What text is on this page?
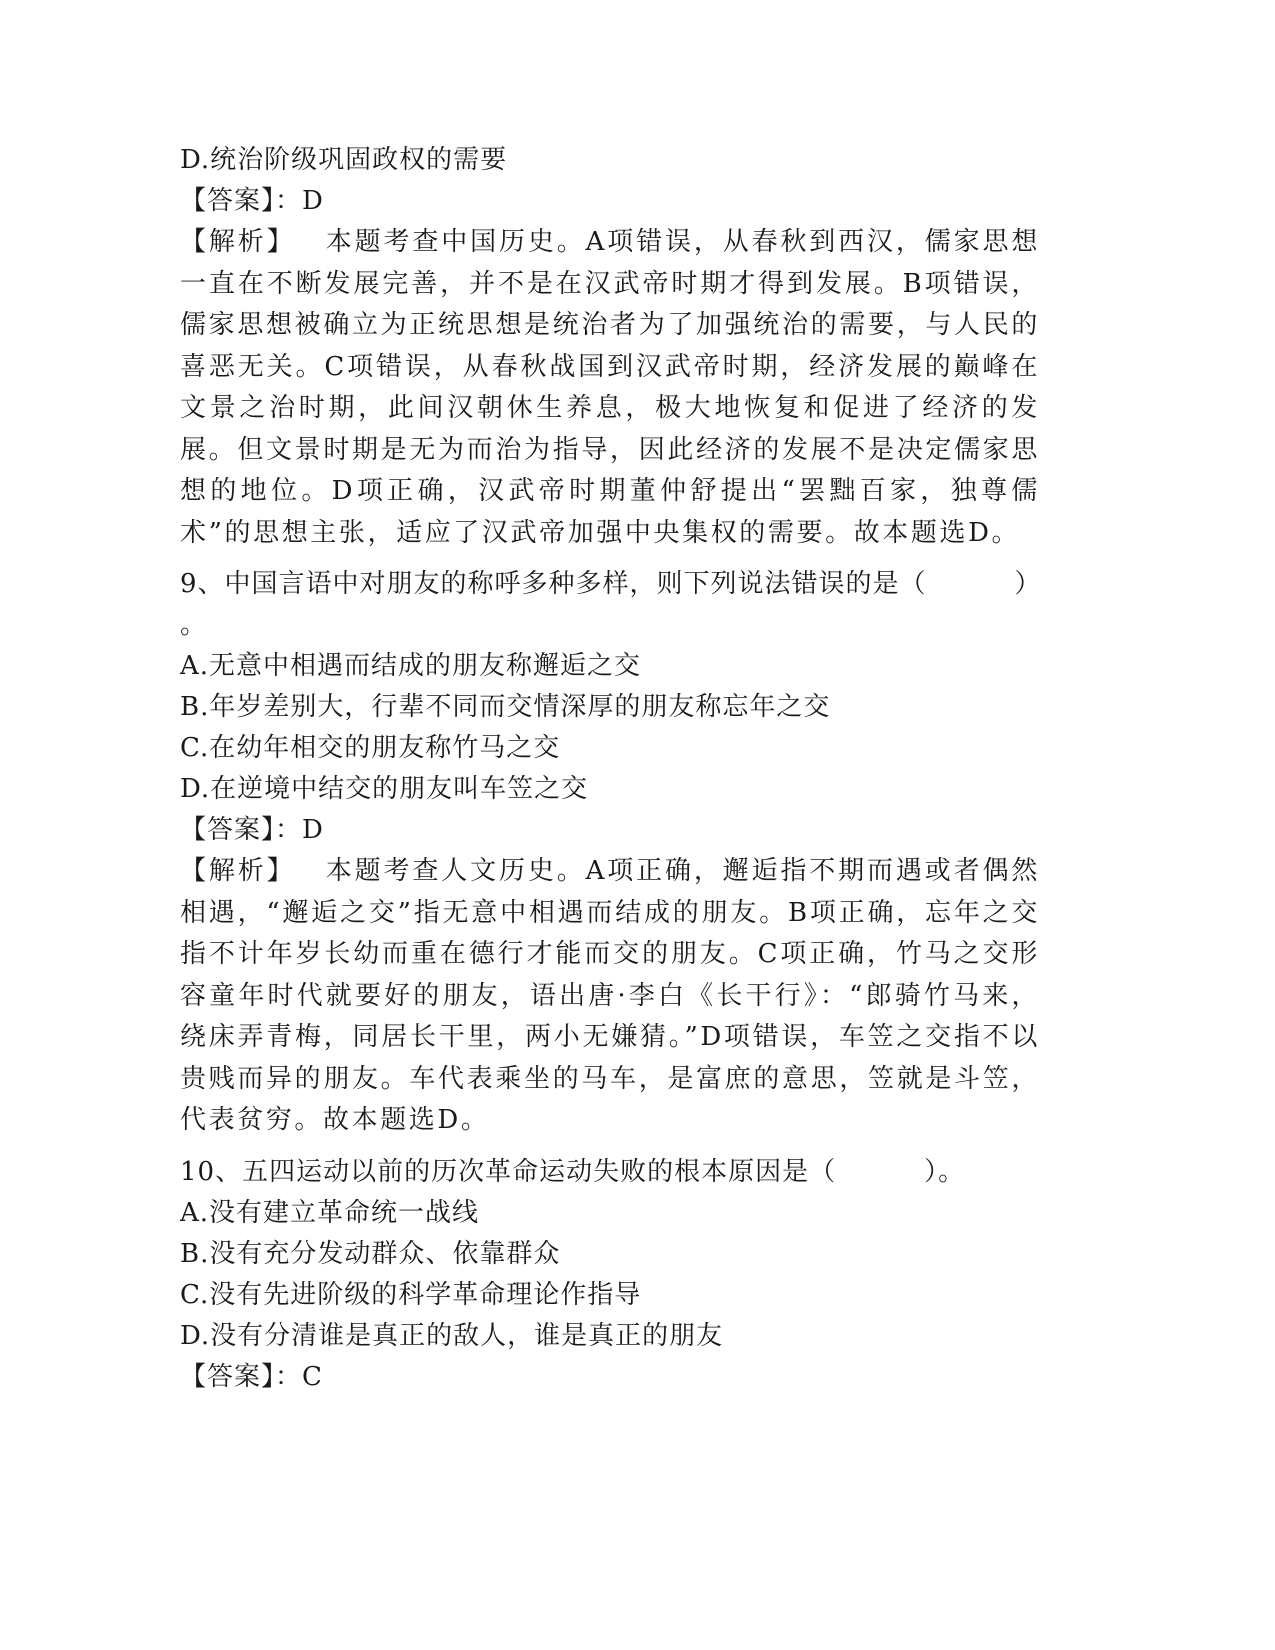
D.统治阶级巩固政权的需要
【答案】：D
【解析】 本题考查中国历史。A项错误，从春秋到西汉，儒家思想一直在不断发展完善，并不是在汉武帝时期才得到发展。B项错误，儒家思想被确立为正统思想是统治者为了加强统治的需要，与人民的喜恶无关。C项错误，从春秋战国到汉武帝时期，经济发展的巅峰在文景之治时期，此间汉朝休生养息，极大地恢复和促进了经济的发展。但文景时期是无为而治为指导，因此经济的发展不是决定儒家思想的地位。D项正确，汉武帝时期董仲舒提出“罢黜百家，独尊儒术”的思想主张，适应了汉武帝加强中央集权的需要。故本题选D。
9、中国言语中对朋友的称呼多种多样，则下列说法错误的是（	）
。
A.无意中相遇而结成的朋友称邂逅之交
B.年岁差别大，行辈不同而交情深厚的朋友称忘年之交
C.在幼年相交的朋友称竹马之交
D.在逆境中结交的朋友叫车笠之交
【答案】：D
【解析】 本题考查人文历史。A项正确，邂逅指不期而遇或者偶然相遇，“邂逅之交”指无意中相遇而结成的朋友。B项正确，忘年之交指不计年岁长幼而重在德行才能而交的朋友。C项正确，竹马之交形容童年时代就要好的朋友，语出唐·李白《长干行》：“郎骑竹马来，绕床弄青梅，同居长干里，两小无嫌猜。”D项错误，车笠之交指不以贵贱而异的朋友。车代表乘坐的马车，是富庶的意思，笠就是斗笠，代表贫穷。故本题选D。
10、五四运动以前的历次革命运动失败的根本原因是（	）。
A.没有建立革命统一战线
B.没有充分发动群众、依靠群众
C.没有先进阶级的科学革命理论作指导
D.没有分清谁是真正的敌人，谁是真正的朋友
【答案】：C
